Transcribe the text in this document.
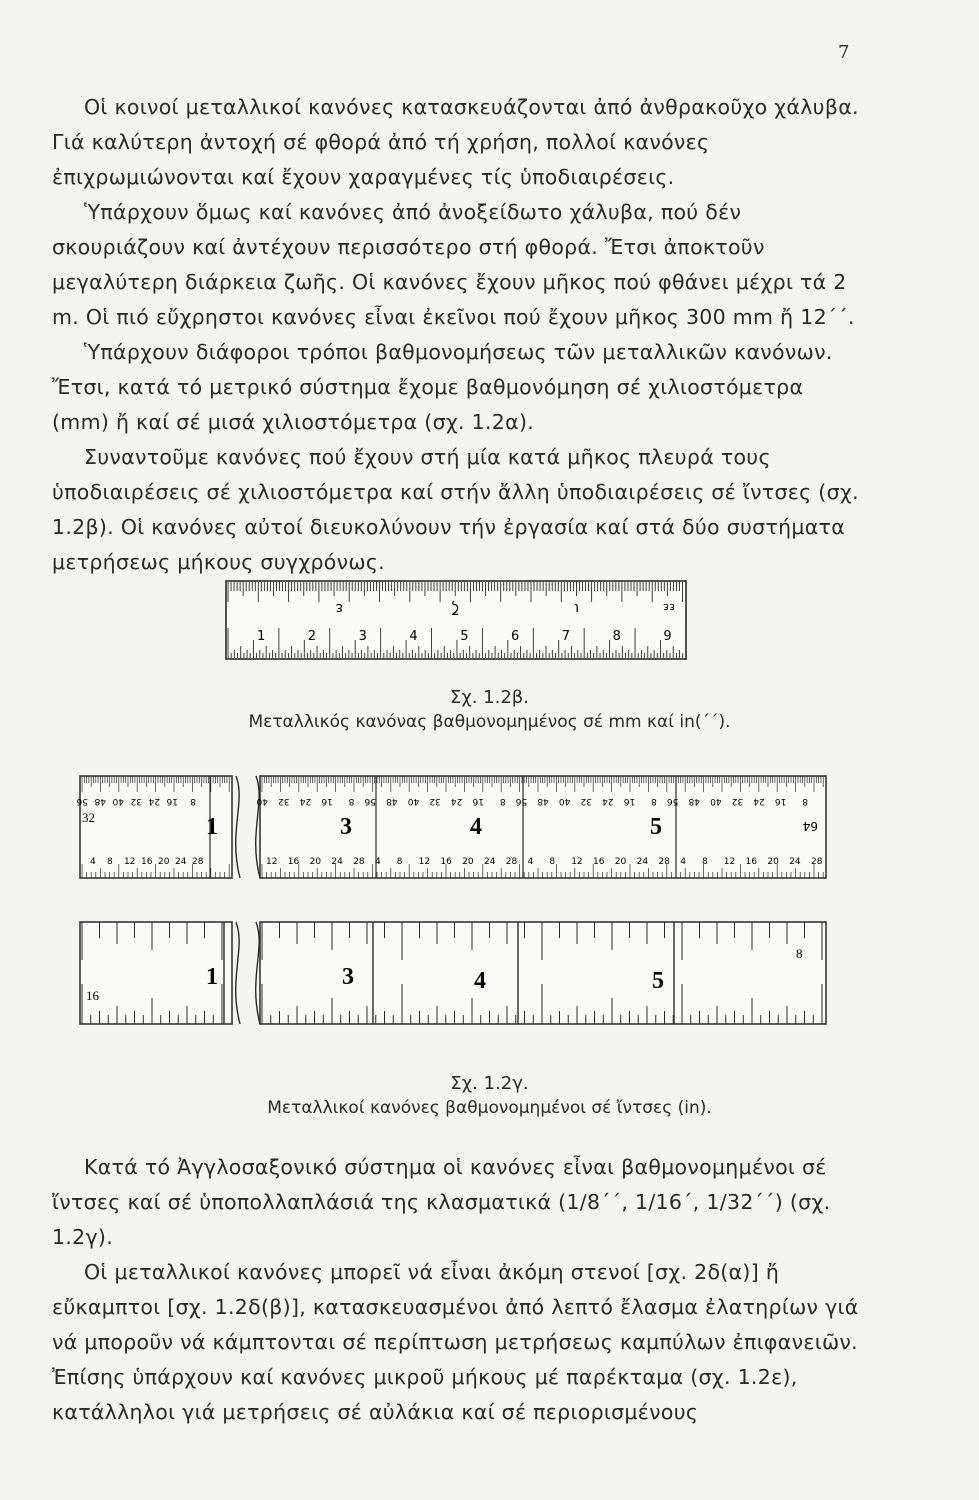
7

Οἱ κοινοί μεταλλικοί κανόνες κατασκευάζονται ἀπό ἀνθρακοῦχο χάλυβα. Γιά καλύτερη ἀντοχή σέ φθορά ἀπό τή χρήση, πολλοί κανόνες ἐπιχρωμιώνονται καί ἔχουν χαραγμένες τίς ὑποδιαιρέσεις.

Ὑπάρχουν ὅμως καί κανόνες ἀπό ἀνοξείδωτο χάλυβα, πού δέν σκουριάζουν καί ἀντέχουν περισσότερο στή φθορά. Ἔτσι ἀποκτοῦν μεγαλύτερη διάρκεια ζωῆς. Οἱ κανόνες ἔχουν μῆκος πού φθάνει μέχρι τά 2 m. Οἱ πιό εὔχρηστοι κανόνες εἶναι ἐκεῖνοι πού ἔχουν μῆκος 300 mm ἤ 12΄΄.

Ὑπάρχουν διάφοροι τρόποι βαθμονομήσεως τῶν μεταλλικῶν κανόνων. Ἔτσι, κατά τό μετρικό σύστημα ἔχομε βαθμονόμηση σέ χιλιοστόμετρα (mm) ἤ καί σέ μισά χιλιοστόμετρα (σχ. 1.2α).

Συναντοῦμε κανόνες πού ἔχουν στή μία κατά μῆκος πλευρά τους ὑποδιαιρέσεις σέ χιλιοστόμετρα καί στήν ἄλλη ὑποδιαιρέσεις σέ ἴντσες (σχ. 1.2β). Οἱ κανόνες αὐτοί διευκολύνουν τήν ἐργασία καί στά δύο συστήματα μετρήσεως μήκους συγχρόνως.

ε	ζ	ι	εε
1	2	3	4	5	6	7	8	9
Σχ. 1.2β.
Μεταλλικός κανόνας βαθμονομημένος σέ mm καί in(΄΄).
56 48 40 32 24 16 8
4 8 12 16 20 24 28
40 32 24 16 8 56 48 40 32 24 16 8 56 48 40 32 24 16 8 56 48 40 32 24 16 8
12 16 20 24 28 4 8 12 16 20 24 28 4 8 12 16 20 24 28 4 8 12 16 20 24 28
32	1	3	4	5	64
16
1	3	4	5
8
Σχ. 1.2γ.
Μεταλλικοί κανόνες βαθμονομημένοι σέ ἴντσες (in).

Κατά τό Ἀγγλοσαξονικό σύστημα οἱ κανόνες εἶναι βαθμονομημένοι σέ ἴντσες καί σέ ὑποπολλαπλάσιά της κλασματικά (1/8΄΄, 1/16΄, 1/32΄΄) (σχ. 1.2γ).

Οἱ μεταλλικοί κανόνες μπορεῖ νά εἶναι ἀκόμη στενοί [σχ. 2δ(α)] ἤ εὔκαμπτοι [σχ. 1.2δ(β)], κατασκευασμένοι ἀπό λεπτό ἔλασμα ἐλατηρίων γιά νά μποροῦν νά κάμπτονται σέ περίπτωση μετρήσεως καμπύλων ἐπιφανειῶν. Ἐπίσης ὑπάρχουν καί κανόνες μικροῦ μήκους μέ παρέκταμα (σχ. 1.2ε), κατάλληλοι γιά μετρήσεις σέ αὐλάκια καί σέ περιορισμένους
